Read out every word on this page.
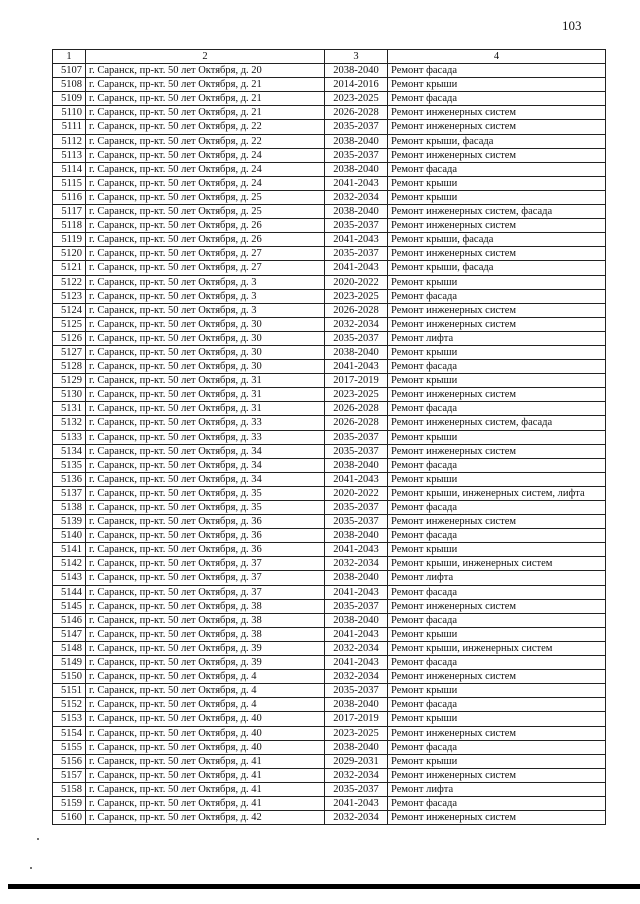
103
1	2	3	4
5107	г. Саранск, пр-кт. 50 лет Октября, д. 20	2038-2040	Ремонт фасада
5108	г. Саранск, пр-кт. 50 лет Октября, д. 21	2014-2016	Ремонт крыши
5109	г. Саранск, пр-кт. 50 лет Октября, д. 21	2023-2025	Ремонт фасада
5110	г. Саранск, пр-кт. 50 лет Октября, д. 21	2026-2028	Ремонт инженерных систем
5111	г. Саранск, пр-кт. 50 лет Октября, д. 22	2035-2037	Ремонт инженерных систем
5112	г. Саранск, пр-кт. 50 лет Октября, д. 22	2038-2040	Ремонт крыши, фасада
5113	г. Саранск, пр-кт. 50 лет Октября, д. 24	2035-2037	Ремонт инженерных систем
5114	г. Саранск, пр-кт. 50 лет Октября, д. 24	2038-2040	Ремонт фасада
5115	г. Саранск, пр-кт. 50 лет Октября, д. 24	2041-2043	Ремонт крыши
5116	г. Саранск, пр-кт. 50 лет Октября, д. 25	2032-2034	Ремонт крыши
5117	г. Саранск, пр-кт. 50 лет Октября, д. 25	2038-2040	Ремонт инженерных систем, фасада
5118	г. Саранск, пр-кт. 50 лет Октября, д. 26	2035-2037	Ремонт инженерных систем
5119	г. Саранск, пр-кт. 50 лет Октября, д. 26	2041-2043	Ремонт крыши, фасада
5120	г. Саранск, пр-кт. 50 лет Октября, д. 27	2035-2037	Ремонт инженерных систем
5121	г. Саранск, пр-кт. 50 лет Октября, д. 27	2041-2043	Ремонт крыши, фасада
5122	г. Саранск, пр-кт. 50 лет Октября, д. 3	2020-2022	Ремонт крыши
5123	г. Саранск, пр-кт. 50 лет Октября, д. 3	2023-2025	Ремонт фасада
5124	г. Саранск, пр-кт. 50 лет Октября, д. 3	2026-2028	Ремонт инженерных систем
5125	г. Саранск, пр-кт. 50 лет Октября, д. 30	2032-2034	Ремонт инженерных систем
5126	г. Саранск, пр-кт. 50 лет Октября, д. 30	2035-2037	Ремонт лифта
5127	г. Саранск, пр-кт. 50 лет Октября, д. 30	2038-2040	Ремонт крыши
5128	г. Саранск, пр-кт. 50 лет Октября, д. 30	2041-2043	Ремонт фасада
5129	г. Саранск, пр-кт. 50 лет Октября, д. 31	2017-2019	Ремонт крыши
5130	г. Саранск, пр-кт. 50 лет Октября, д. 31	2023-2025	Ремонт инженерных систем
5131	г. Саранск, пр-кт. 50 лет Октября, д. 31	2026-2028	Ремонт фасада
5132	г. Саранск, пр-кт. 50 лет Октября, д. 33	2026-2028	Ремонт инженерных систем, фасада
5133	г. Саранск, пр-кт. 50 лет Октября, д. 33	2035-2037	Ремонт крыши
5134	г. Саранск, пр-кт. 50 лет Октября, д. 34	2035-2037	Ремонт инженерных систем
5135	г. Саранск, пр-кт. 50 лет Октября, д. 34	2038-2040	Ремонт фасада
5136	г. Саранск, пр-кт. 50 лет Октября, д. 34	2041-2043	Ремонт крыши
5137	г. Саранск, пр-кт. 50 лет Октября, д. 35	2020-2022	Ремонт крыши, инженерных систем, лифта
5138	г. Саранск, пр-кт. 50 лет Октября, д. 35	2035-2037	Ремонт фасада
5139	г. Саранск, пр-кт. 50 лет Октября, д. 36	2035-2037	Ремонт инженерных систем
5140	г. Саранск, пр-кт. 50 лет Октября, д. 36	2038-2040	Ремонт фасада
5141	г. Саранск, пр-кт. 50 лет Октября, д. 36	2041-2043	Ремонт крыши
5142	г. Саранск, пр-кт. 50 лет Октября, д. 37	2032-2034	Ремонт крыши, инженерных систем
5143	г. Саранск, пр-кт. 50 лет Октября, д. 37	2038-2040	Ремонт лифта
5144	г. Саранск, пр-кт. 50 лет Октября, д. 37	2041-2043	Ремонт фасада
5145	г. Саранск, пр-кт. 50 лет Октября, д. 38	2035-2037	Ремонт инженерных систем
5146	г. Саранск, пр-кт. 50 лет Октября, д. 38	2038-2040	Ремонт фасада
5147	г. Саранск, пр-кт. 50 лет Октября, д. 38	2041-2043	Ремонт крыши
5148	г. Саранск, пр-кт. 50 лет Октября, д. 39	2032-2034	Ремонт крыши, инженерных систем
5149	г. Саранск, пр-кт. 50 лет Октября, д. 39	2041-2043	Ремонт фасада
5150	г. Саранск, пр-кт. 50 лет Октября, д. 4	2032-2034	Ремонт инженерных систем
5151	г. Саранск, пр-кт. 50 лет Октября, д. 4	2035-2037	Ремонт крыши
5152	г. Саранск, пр-кт. 50 лет Октября, д. 4	2038-2040	Ремонт фасада
5153	г. Саранск, пр-кт. 50 лет Октября, д. 40	2017-2019	Ремонт крыши
5154	г. Саранск, пр-кт. 50 лет Октября, д. 40	2023-2025	Ремонт инженерных систем
5155	г. Саранск, пр-кт. 50 лет Октября, д. 40	2038-2040	Ремонт фасада
5156	г. Саранск, пр-кт. 50 лет Октября, д. 41	2029-2031	Ремонт крыши
5157	г. Саранск, пр-кт. 50 лет Октября, д. 41	2032-2034	Ремонт инженерных систем
5158	г. Саранск, пр-кт. 50 лет Октября, д. 41	2035-2037	Ремонт лифта
5159	г. Саранск, пр-кт. 50 лет Октября, д. 41	2041-2043	Ремонт фасада
5160	г. Саранск, пр-кт. 50 лет Октября, д. 42	2032-2034	Ремонт инженерных систем
